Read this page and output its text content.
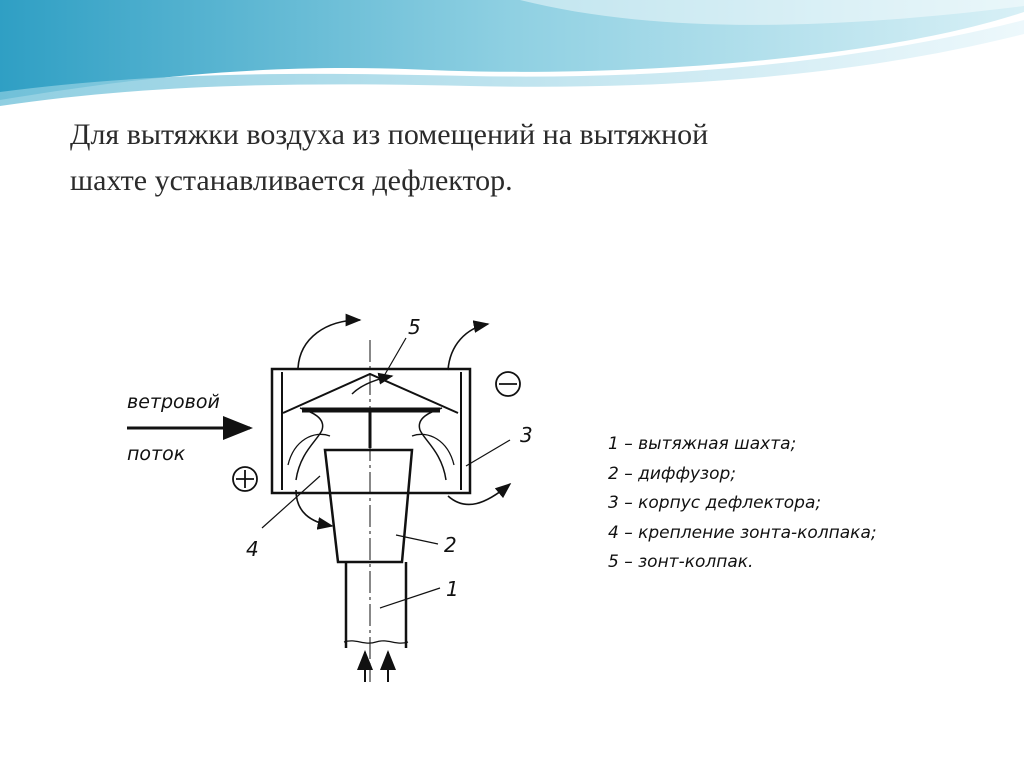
Для вытяжки воздуха из помещений на вытяжной
шахте устанавливается дефлектор.
ветровой
поток
1
2
3
4
5
1 – вытяжная шахта;
2 – диффузор;
3 – корпус дефлектора;
4 – крепление зонта-колпака;
5 – зонт-колпак.
